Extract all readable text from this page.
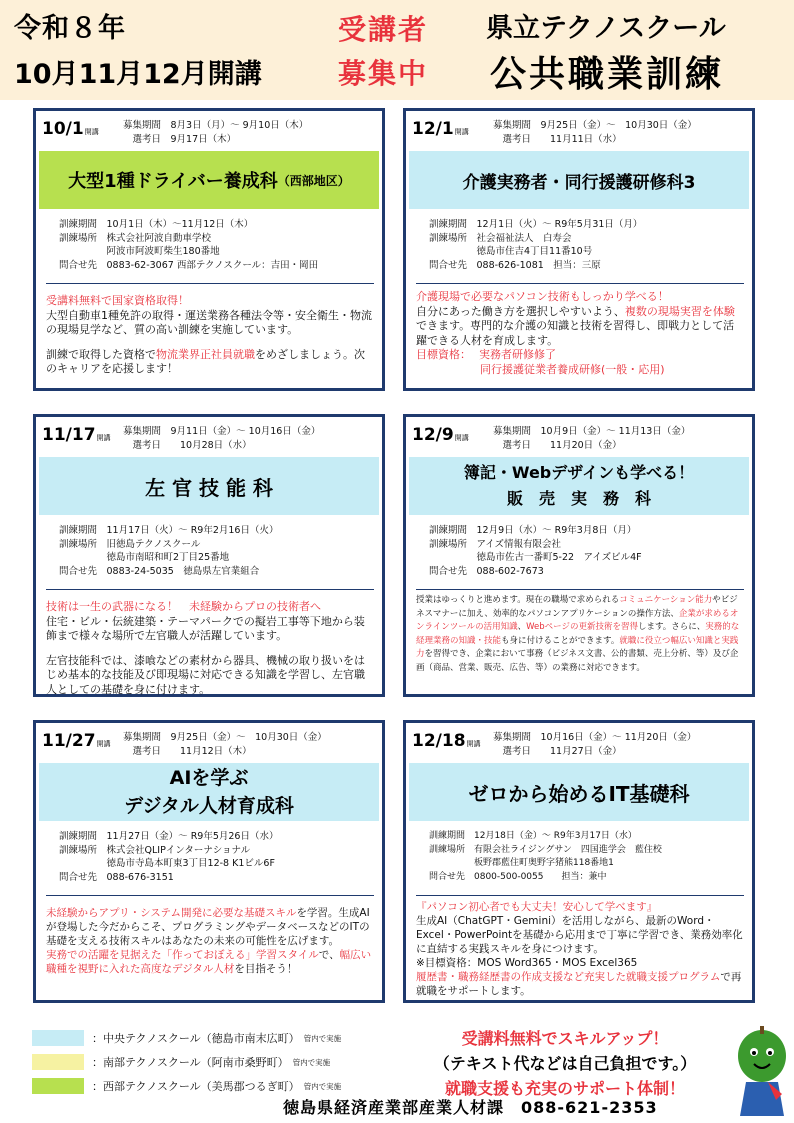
令和８年
10月11月12月開講
受講者
募集中
県立テクノスクール
公共職業訓練
10/1開講
募集期間　8月3日（月）～ 9月10日（木）
　選考日　9月17日（木）
大型1種ドライバー養成科 （西部地区）
訓練期間　10月1日（木）～11月12日（木）
訓練場所　株式会社阿波自動車学校
　　　　　阿波市阿波町柴生180番地
問合せ先　0883-62-3067 西部テクノスクール：吉田・岡田

受講料無料で国家資格取得！

大型自動車1種免許の取得・運送業務各種法令等・安全衛生・物流の現場見学など、質の高い訓練を実施しています。

訓練で取得した資格で物流業界正社員就職をめざしましょう。次のキャリアを応援します！

12/1開講
募集期間　9月25日（金）～　10月30日（金）
　選考日　　11月11日（水）
介護実務者・同行援護研修科3
訓練期間　12月1日（火）～ R9年5月31日（月）
訓練場所　社会福祉法人　白寿会
　　　　　徳島市住吉4丁目11番10号
問合せ先　088-626-1081　担当：三原

介護現場で必要なパソコン技術もしっかり学べる！

自分にあった働き方を選択しやすいよう、複数の現場実習を体験できます。専門的な介護の知識と技術を習得し、即戦力として活躍できる人材を育成します。

目標資格： 実務者研修修了

同行援護従業者養成研修(一般・応用)

11/17開講
募集期間　9月11日（金）～ 10月16日（金）
　選考日　　10月28日（水）
左 官 技 能 科
訓練期間　11月17日（火）～ R9年2月16日（火）
訓練場所　旧徳島テクノスクール
　　　　　徳島市南昭和町2丁目25番地
問合せ先　0883-24-5035　徳島県左官業組合

技術は一生の武器になる！　未経験からプロの技術者へ

住宅・ビル・伝統建築・テーマパークでの擬岩工事等下地から装飾まで様々な場所で左官職人が活躍しています。

左官技能科では、漆喰などの素材から器具、機械の取り扱いをはじめ基本的な技能及び即現場に対応できる知識を学習し、左官職人としての基礎を身に付けます。

12/9開講
募集期間　10月9日（金）～ 11月13日（金）
　選考日　　11月20日（金）
簿記・Webデザインも学べる！
販　売　実　務　科
訓練期間　12月9日（水）～ R9年3月8日（月）
訓練場所　アイズ情報有限会社
　　　　　徳島市佐古一番町5-22　アイズビル4F
問合せ先　088-602-7673

授業はゆっくりと進めます。現在の職場で求められるコミュニケーション能力やビジネスマナーに加え、効率的なパソコンアプリケーションの操作方法、企業が求めるオンラインツールの活用知識、Webページの更新技術を習得します。さらに、実務的な経理業務の知識・技能も身に付けることができます。就職に役立つ幅広い知識と実践力を習得でき、企業において事務（ビジネス文書、公的書類、売上分析、等）及び企画（商品、営業、販売、広告、等）の業務に対応できます。

11/27開講
募集期間　9月25日（金）～　10月30日（金）
　選考日　　11月12日（木）
AIを学ぶ
デジタル人材育成科
訓練期間　11月27日（金）～ R9年5月26日（水）
訓練場所　株式会社QLIPインターナショナル
　　　　　徳島市寺島本町東3丁目12-8 K1ビル6F
問合せ先　088-676-3151

未経験からアプリ・システム開発に必要な基礎スキルを学習。生成AIが登場した今だからこそ、プログラミングやデータベースなどのITの基礎を支える技術スキルはあなたの未来の可能性を広げます。

実務での活躍を見据えた「作っておぼえる」学習スタイルで、幅広い職種を視野に入れた高度なデジタル人材を目指そう！

12/18開講
募集期間　10月16日（金）～ 11月20日（金）
　選考日　　11月27日（金）
ゼロから始めるIT基礎科
訓練期間　12月18日（金）～ R9年3月17日（水）
訓練場所　有限会社ライジングサン　四国進学会　藍住校
　　　　　板野郡藍住町奥野字猪熊118番地1
問合せ先　0800-500-0055　　担当：兼中

『パソコン初心者でも大丈夫！安心して学べます』

生成AI（ChatGPT・Gemini）を活用しながら、最新のWord・Excel・PowerPointを基礎から応用まで丁寧に学習でき、業務効率化に直結する実践スキルを身につけます。

※目標資格：MOS Word365・MOS Excel365

履歴書・職務経歴書の作成支援など充実した就職支援プログラムで再就職をサポートします。

：中央テクノスクール（徳島市南末広町） 管内で実施
：南部テクノスクール（阿南市桑野町） 管内で実施
：西部テクノスクール（美馬郡つるぎ町） 管内で実施
受講料無料でスキルアップ！
（テキスト代などは自己負担です。）
就職支援も充実のサポート体制！
徳島県経済産業部産業人材課　088-621-2353
